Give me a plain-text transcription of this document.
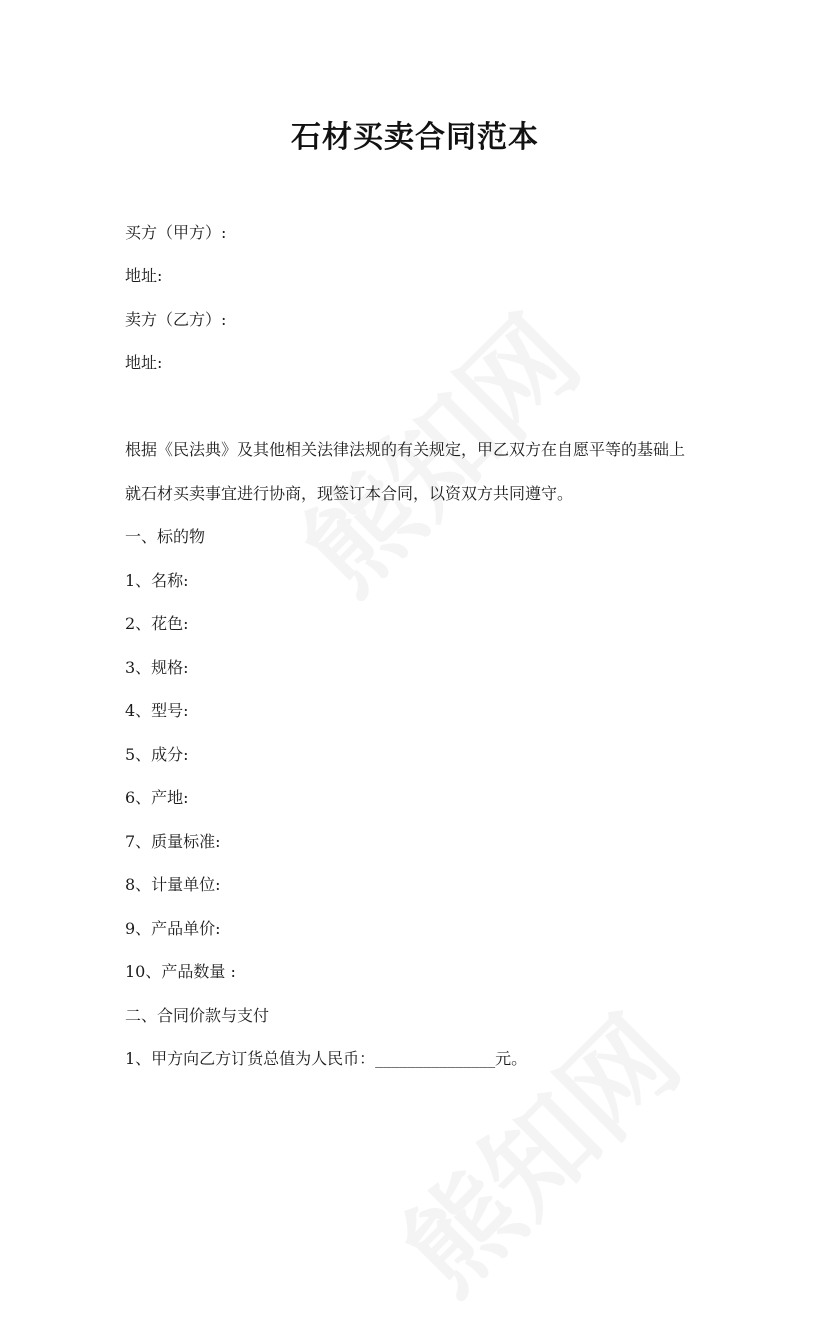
石材买卖合同范本
买方（甲方）:
地址:
卖方（乙方）:
地址:
根据《民法典》及其他相关法律法规的有关规定，甲乙双方在自愿平等的基础上
就石材买卖事宜进行协商，现签订本合同，以资双方共同遵守。
一、标的物
1、名称:
2、花色:
3、规格:
4、型号:
5、成分:
6、产地:
7、质量标准:
8、计量单位:
9、产品单价:
10、产品数量 :
二、合同价款与支付
1、甲方向乙方订货总值为人民币：_______________元。
